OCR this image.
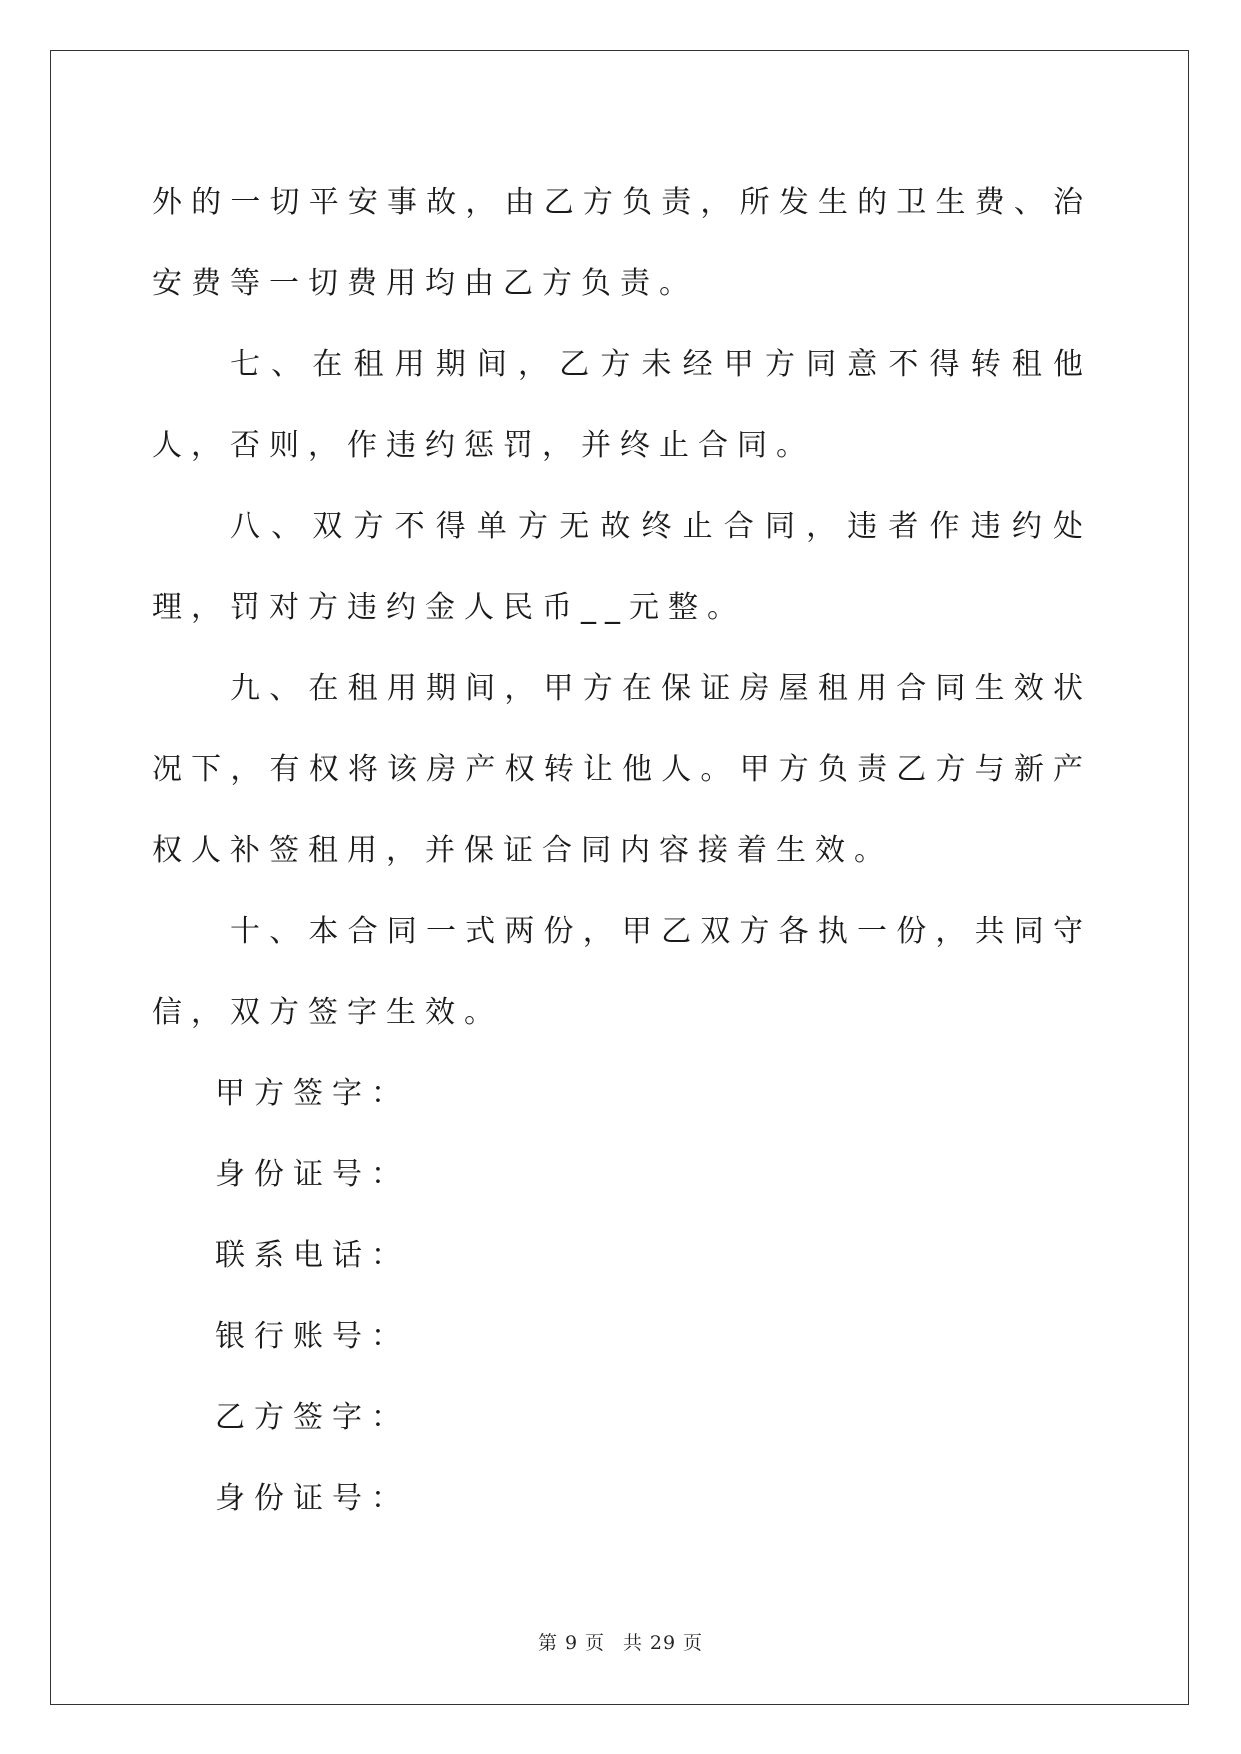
外的一切平安事故，由乙方负责，所发生的卫生费、治安费等一切费用均由乙方负责。

七、在租用期间，乙方未经甲方同意不得转租他人，否则，作违约惩罚，并终止合同。

八、双方不得单方无故终止合同，违者作违约处理，罚对方违约金人民币__元整。

九、在租用期间，甲方在保证房屋租用合同生效状况下，有权将该房产权转让他人。甲方负责乙方与新产权人补签租用，并保证合同内容接着生效。

十、本合同一式两份，甲乙双方各执一份，共同守信，双方签字生效。

甲方签字：

身份证号：

联系电话：

银行账号：

乙方签字：

身份证号：

第 9 页 共 29 页
